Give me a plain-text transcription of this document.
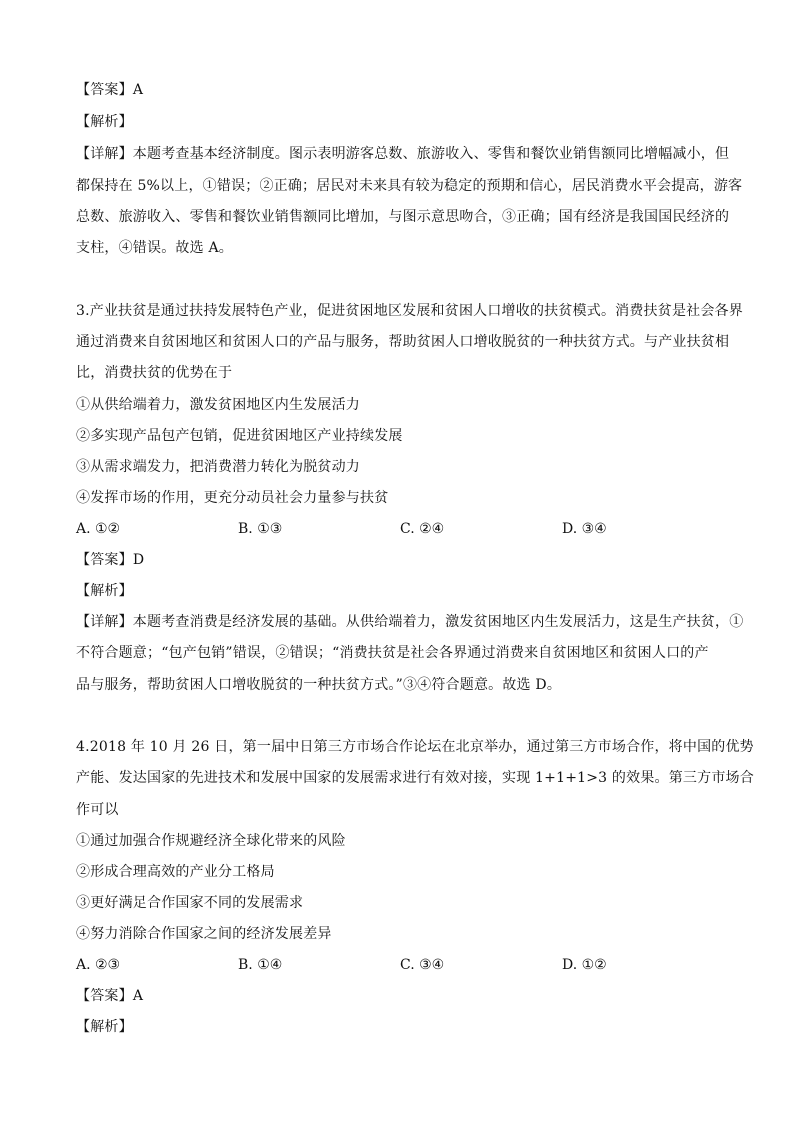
【答案】A
【解析】
【详解】本题考查基本经济制度。图示表明游客总数、旅游收入、零售和餐饮业销售额同比增幅减小，但
都保持在 5%以上，①错误；②正确；居民对未来具有较为稳定的预期和信心，居民消费水平会提高，游客
总数、旅游收入、零售和餐饮业销售额同比增加，与图示意思吻合，③正确；国有经济是我国国民经济的
支柱，④错误。故选 A。
3.产业扶贫是通过扶持发展特色产业，促进贫困地区发展和贫困人口增收的扶贫模式。消费扶贫是社会各界
通过消费来自贫困地区和贫困人口的产品与服务，帮助贫困人口增收脱贫的一种扶贫方式。与产业扶贫相
比，消费扶贫的优势在于
①从供给端着力，激发贫困地区内生发展活力
②多实现产品包产包销，促进贫困地区产业持续发展
③从需求端发力，把消费潜力转化为脱贫动力
④发挥市场的作用，更充分动员社会力量参与扶贫
A. ①②	B. ①③	C. ②④	D. ③④
【答案】D
【解析】
【详解】本题考查消费是经济发展的基础。从供给端着力，激发贫困地区内生发展活力，这是生产扶贫，①
不符合题意；“包产包销”错误，②错误；“消费扶贫是社会各界通过消费来自贫困地区和贫困人口的产
品与服务，帮助贫困人口增收脱贫的一种扶贫方式。”③④符合题意。故选 D。
4.2018 年 10 月 26 日，第一届中日第三方市场合作论坛在北京举办，通过第三方市场合作，将中国的优势
产能、发达国家的先进技术和发展中国家的发展需求进行有效对接，实现 1+1+1>3 的效果。第三方市场合
作可以
①通过加强合作规避经济全球化带来的风险
②形成合理高效的产业分工格局
③更好满足合作国家不同的发展需求
④努力消除合作国家之间的经济发展差异
A. ②③	B. ①④	C. ③④	D. ①②
【答案】A
【解析】
